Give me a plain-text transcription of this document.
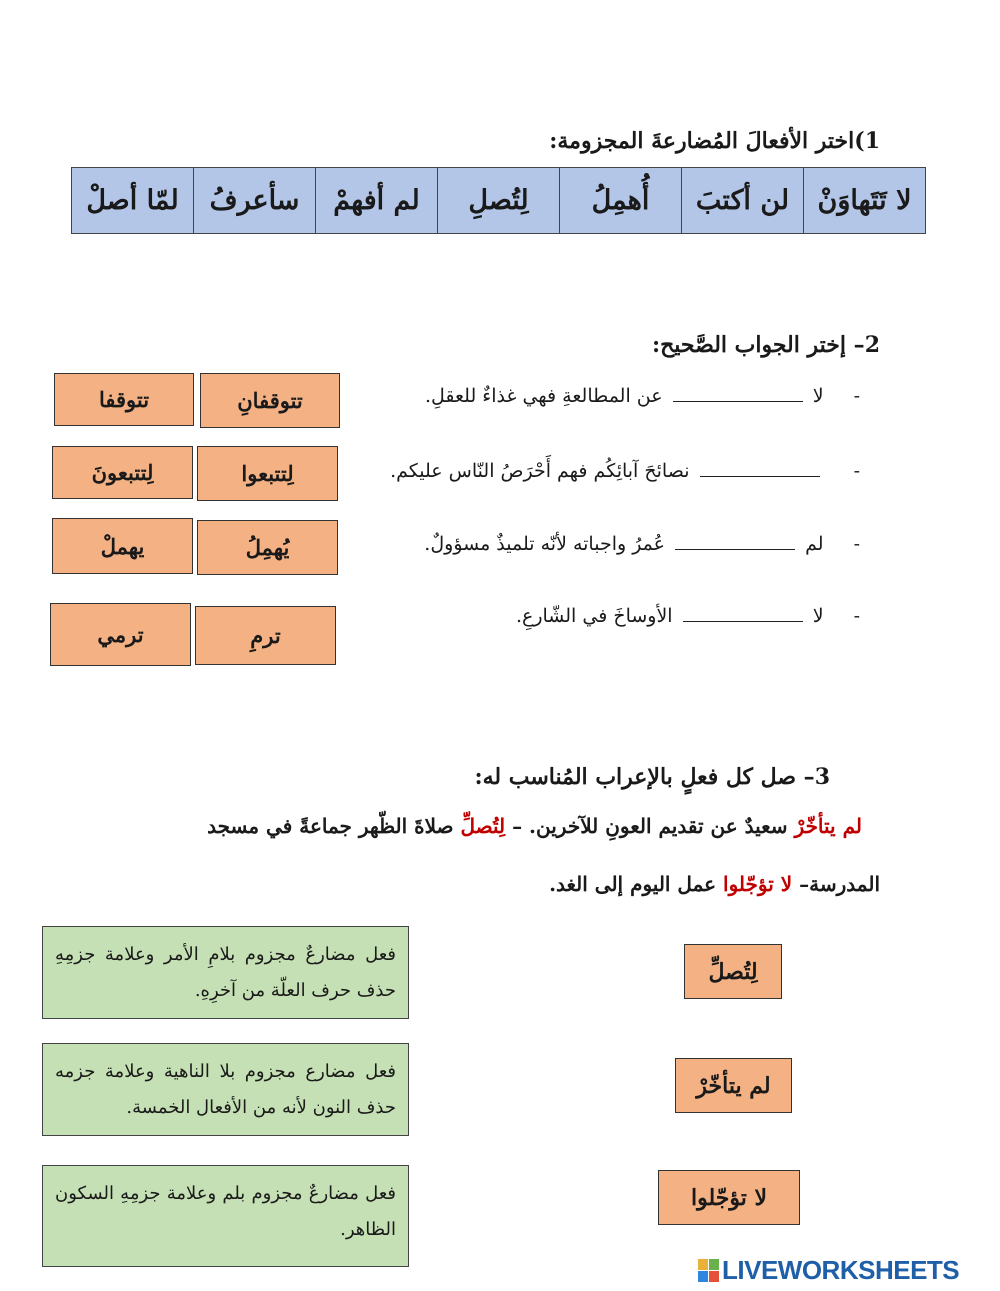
1)اختر الأفعالَ المُضارعةَ المجزومة:
لا تَتَهاوَنْ
لن أكتبَ
أُهمِلُ
لِتُصلِ
لم أفهمْ
سأعرفُ
لمّا أصلْ
2– إختر الجواب الصَّحيح:
- لا  عن المطالعةِ فهي غذاءٌ للعقلِ.
-  نصائحَ آبائِكُم فهم أَحْرَصُ النّاس عليكم.
- لم  عُمرُ واجباته لأنّه تلميذٌ مسؤولٌ.
- لا  الأوساخَ في الشّارعِ.
تتوقفانِ
تتوقفا
لِتتبعوا
لِتتبعونَ
يُهمِلُ
يهملْ
ترمِ
ترمي
3– صل كل فعلٍ بالإعراب المُناسب له:
لم يتأخّرْ سعيدٌ عن تقديم العونِ للآخرين. – لِتُصلِّ صلاةَ الظّهر جماعةً في مسجد
المدرسة– لا تؤجّلوا عمل اليوم إلى الغد.
فعل مضارعٌ مجزوم بلامِ الأمر وعلامة جزمِهِ حذف حرف العلّة من آخرِهِ.
فعل مضارع مجزوم بلا الناهية وعلامة جزمه حذف النون لأنه من الأفعال الخمسة.
فعل مضارعٌ مجزوم بلم وعلامة جزمِهِ السكون الظاهر.
لِتُصلِّ
لم يتأخّرْ
لا تؤجّلوا
LIVEWORKSHEETS
